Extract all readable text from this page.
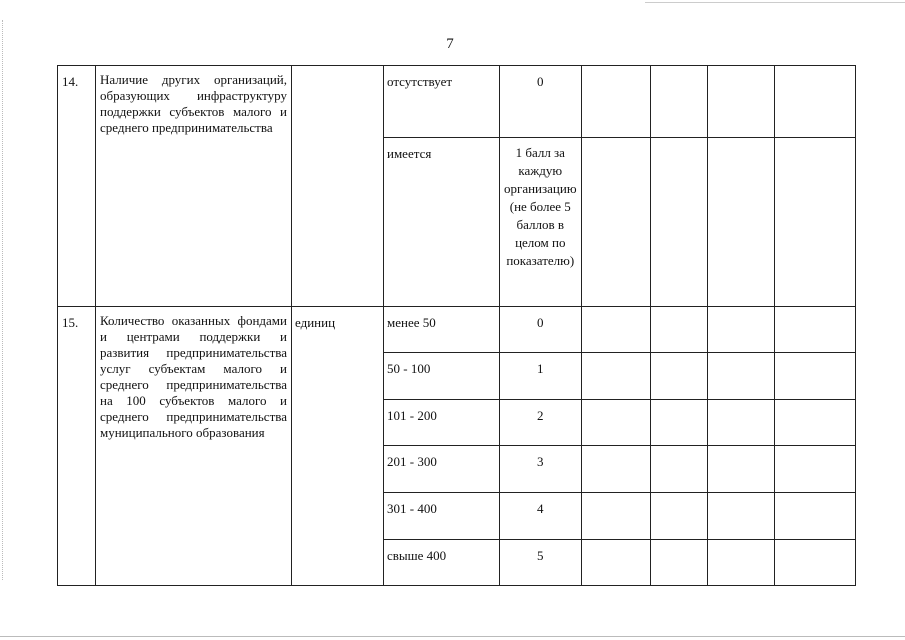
7
14.	Наличие других организаций, образующих инфраструктуру поддержки субъектов малого и среднего предпринимательства		отсутствует	0				
			имеется	1 балл за каждую организацию (не более 5 баллов в целом по показателю)				
15.	Количество оказанных фондами и центрами поддержки и развития предпринимательства услуг субъектам малого и среднего предпринимательства на 100 субъектов малого и среднего предпринимательства муниципального образования	единиц	менее 50	0				
			50 - 100	1				
			101 - 200	2				
			201 - 300	3				
			301 - 400	4				
			свыше 400	5				
